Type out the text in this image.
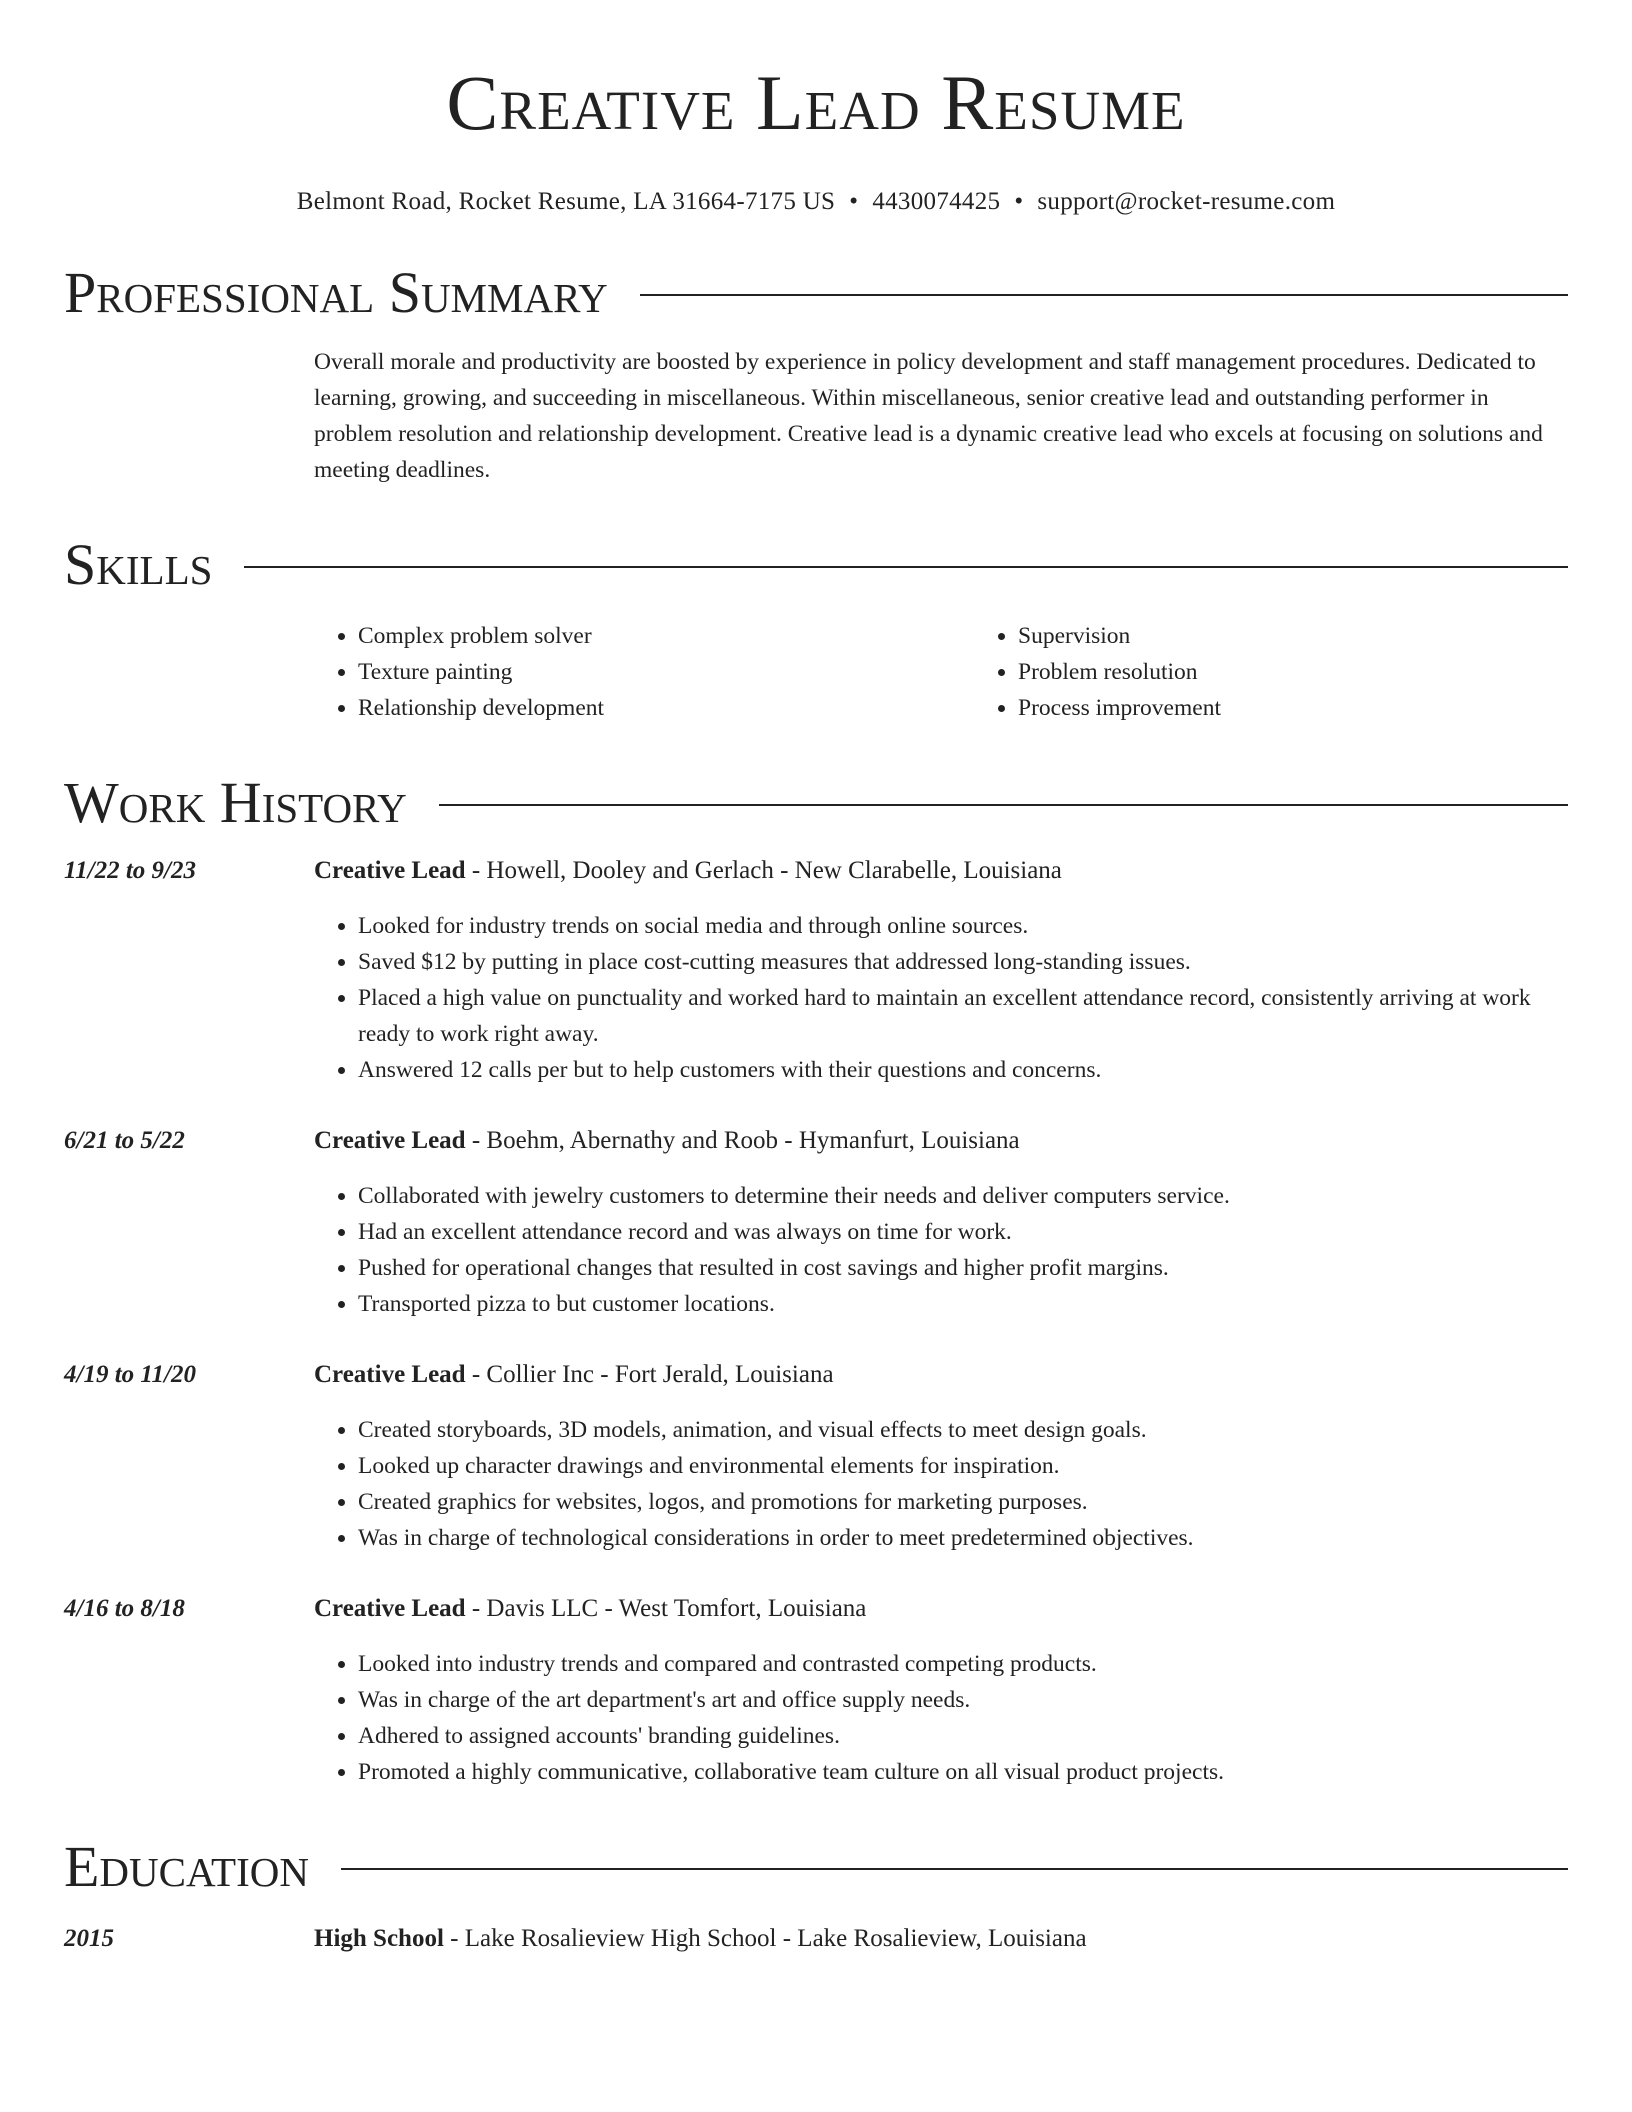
Creative Lead Resume
Belmont Road, Rocket Resume, LA 31664-7175 US • 4430074425 • support@rocket-resume.com
Professional Summary
Overall morale and productivity are boosted by experience in policy development and staff management procedures. Dedicated to learning, growing, and succeeding in miscellaneous. Within miscellaneous, senior creative lead and outstanding performer in problem resolution and relationship development. Creative lead is a dynamic creative lead who excels at focusing on solutions and meeting deadlines.
Skills
• Complex problem solver
• Texture painting
• Relationship development
• Supervision
• Problem resolution
• Process improvement
Work History
11/22 to 9/23	Creative Lead - Howell, Dooley and Gerlach - New Clarabelle, Louisiana
• Looked for industry trends on social media and through online sources.
• Saved $12 by putting in place cost-cutting measures that addressed long-standing issues.
• Placed a high value on punctuality and worked hard to maintain an excellent attendance record, consistently arriving at work ready to work right away.
• Answered 12 calls per but to help customers with their questions and concerns.
6/21 to 5/22	Creative Lead - Boehm, Abernathy and Roob - Hymanfurt, Louisiana
• Collaborated with jewelry customers to determine their needs and deliver computers service.
• Had an excellent attendance record and was always on time for work.
• Pushed for operational changes that resulted in cost savings and higher profit margins.
• Transported pizza to but customer locations.
4/19 to 11/20	Creative Lead - Collier Inc - Fort Jerald, Louisiana
• Created storyboards, 3D models, animation, and visual effects to meet design goals.
• Looked up character drawings and environmental elements for inspiration.
• Created graphics for websites, logos, and promotions for marketing purposes.
• Was in charge of technological considerations in order to meet predetermined objectives.
4/16 to 8/18	Creative Lead - Davis LLC - West Tomfort, Louisiana
• Looked into industry trends and compared and contrasted competing products.
• Was in charge of the art department's art and office supply needs.
• Adhered to assigned accounts' branding guidelines.
• Promoted a highly communicative, collaborative team culture on all visual product projects.
Education
2015	High School - Lake Rosalieview High School - Lake Rosalieview, Louisiana
